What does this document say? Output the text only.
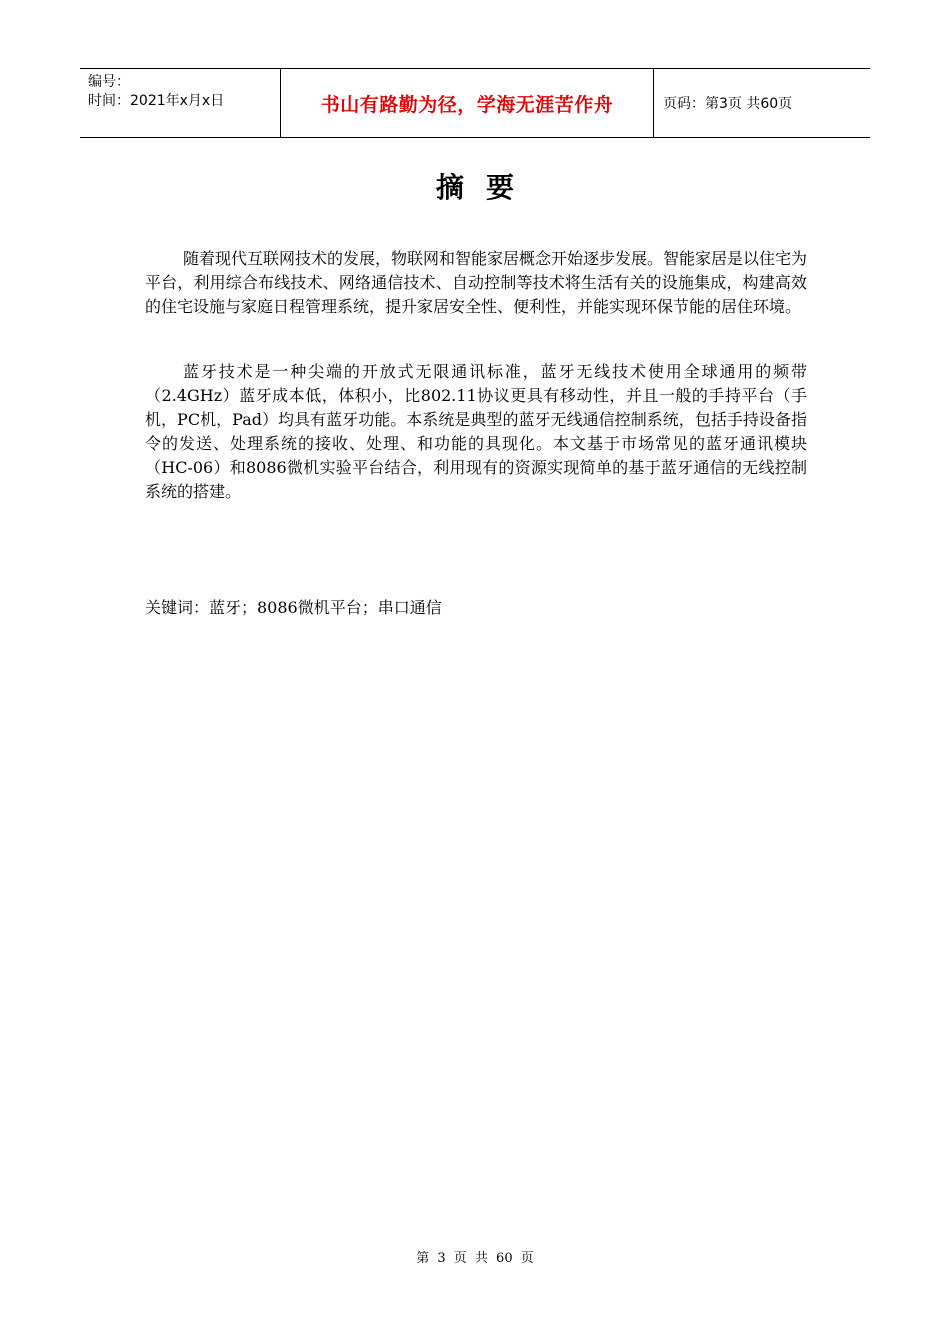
编号：
时间：2021年x月x日	书山有路勤为径，学海无涯苦作舟	页码：第3页 共60页
摘要
随着现代互联网技术的发展，物联网和智能家居概念开始逐步发展。智能家居是以住宅为平台，利用综合布线技术、网络通信技术、自动控制等技术将生活有关的设施集成，构建高效的住宅设施与家庭日程管理系统，提升家居安全性、便利性，并能实现环保节能的居住环境。
蓝牙技术是一种尖端的开放式无限通讯标准，蓝牙无线技术使用全球通用的频带（2.4GHz）蓝牙成本低，体积小，比802.11协议更具有移动性，并且一般的手持平台（手机，PC机，Pad）均具有蓝牙功能。本系统是典型的蓝牙无线通信控制系统，包括手持设备指令的发送、处理系统的接收、处理、和功能的具现化。本文基于市场常见的蓝牙通讯模块（HC-06）和8086微机实验平台结合，利用现有的资源实现简单的基于蓝牙通信的无线控制系统的搭建。
关键词：蓝牙；8086微机平台；串口通信
第 3 页 共 60 页
